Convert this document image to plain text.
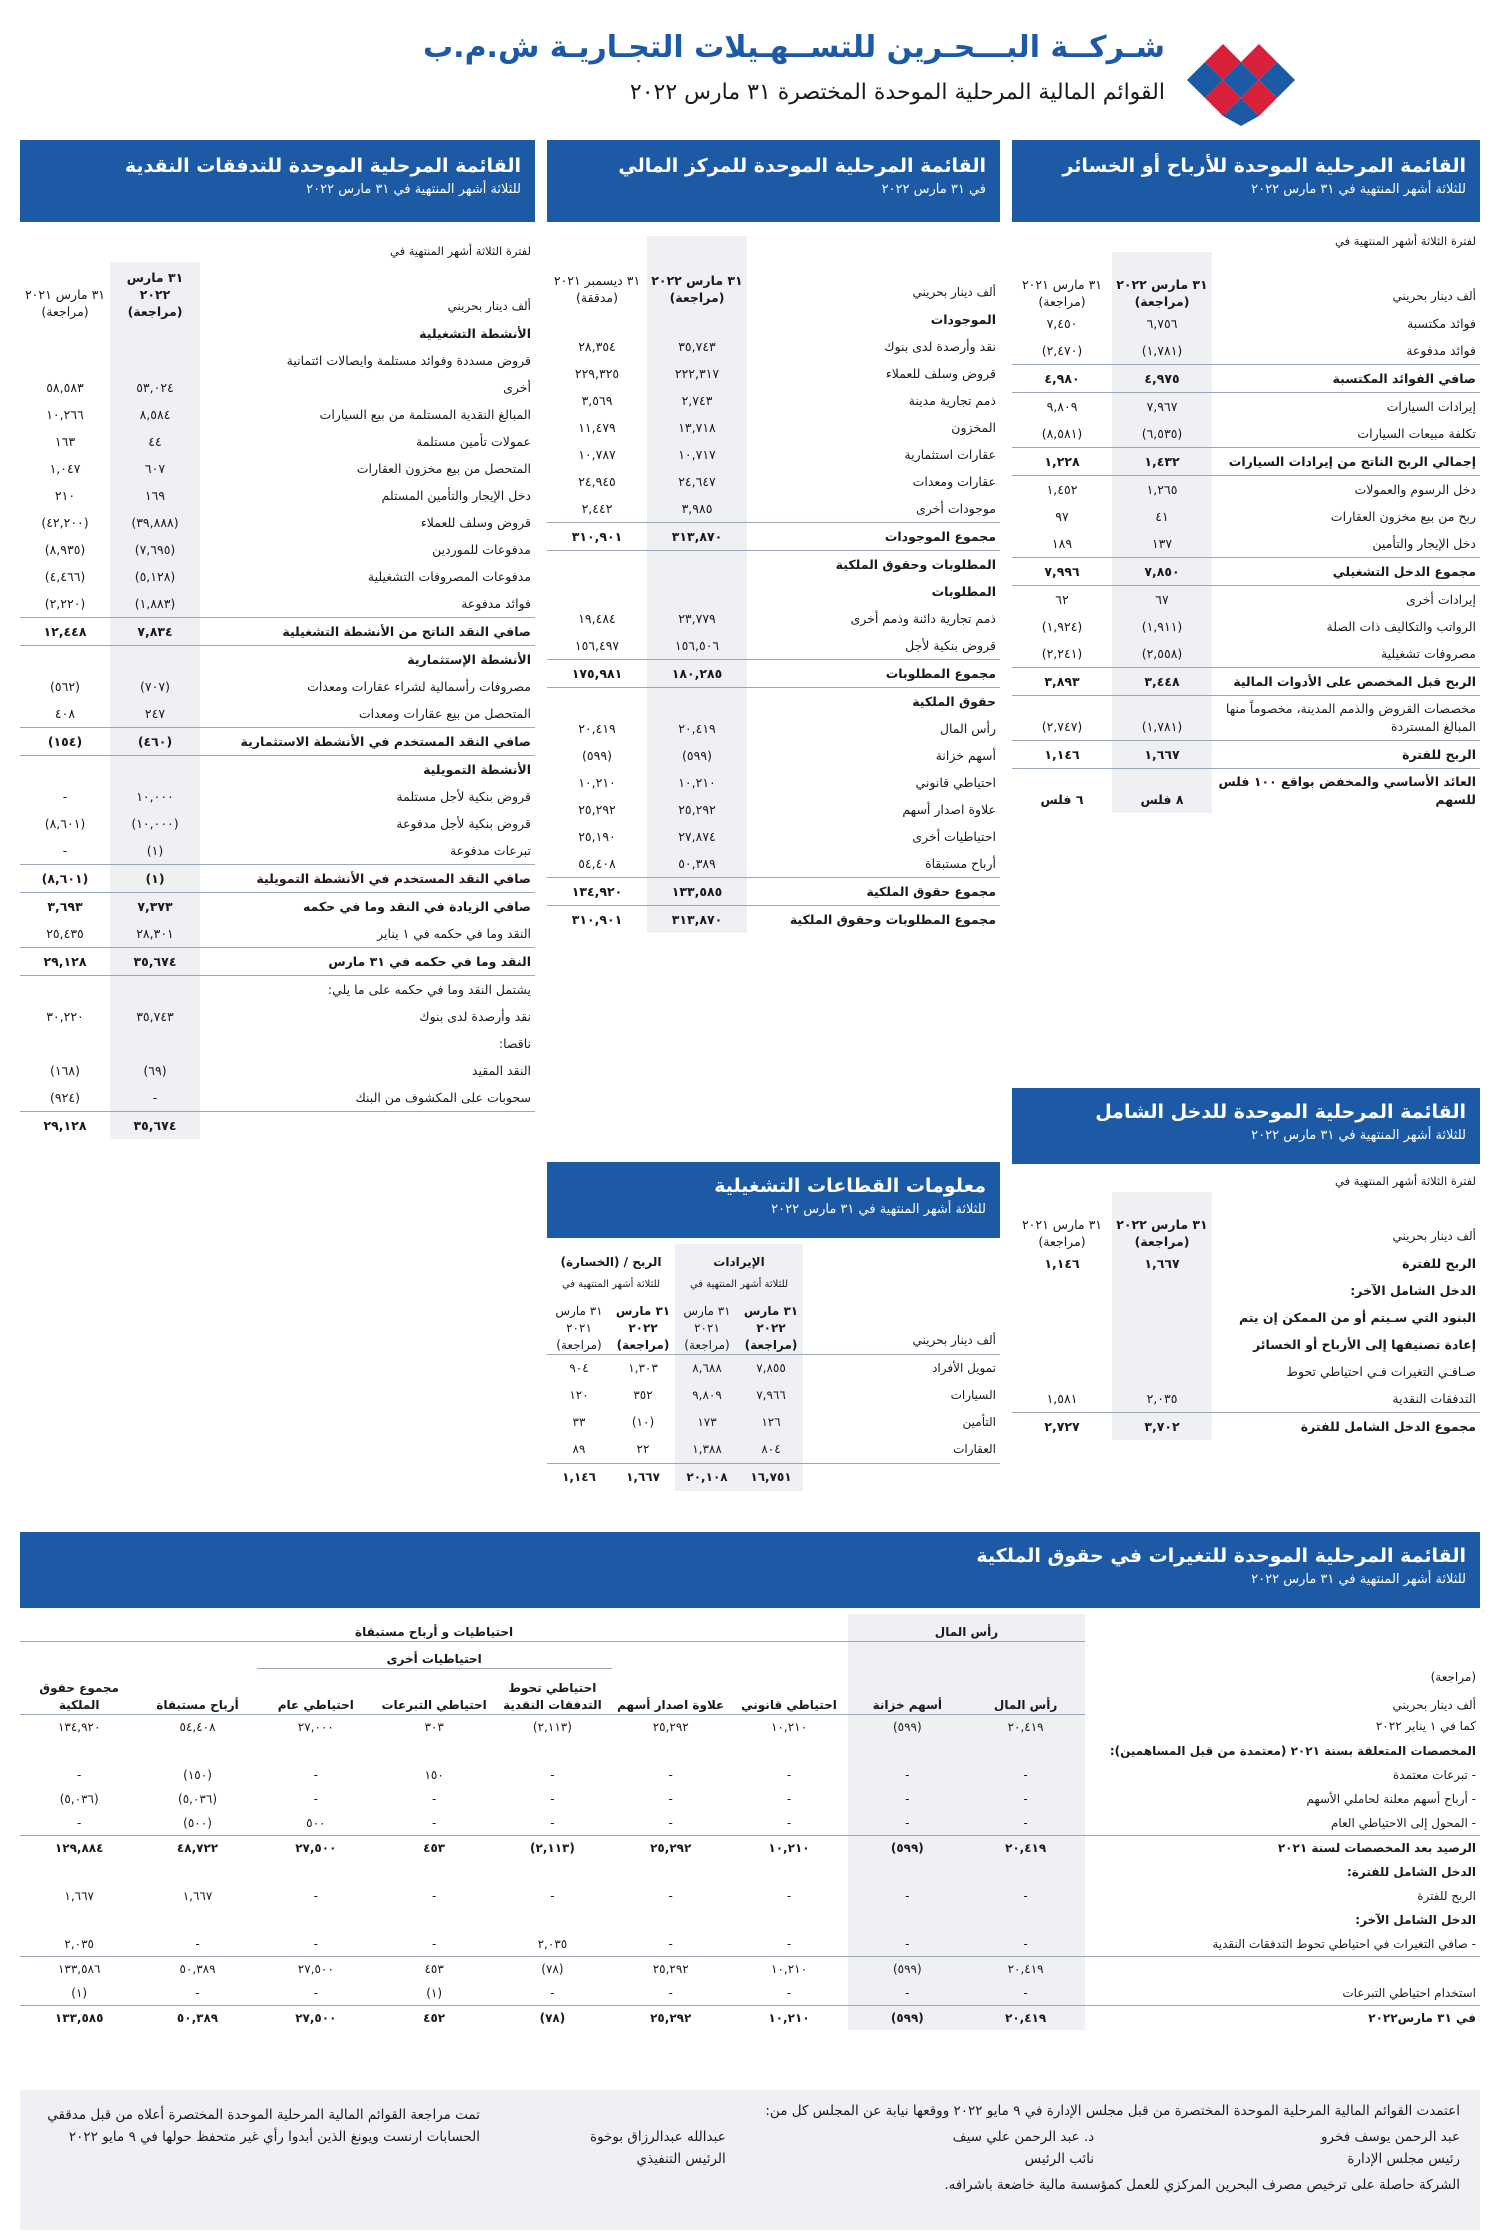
شـركــة البـــحـرين للتســهـيلات التجـاريـة ش.م.ب
القوائم المالية المرحلية الموحدة المختصرة ٣١ مارس ٢٠٢٢
القائمة المرحلية الموحدة للأرباح أو الخسائر
للثلاثة أشهر المنتهية في ٣١ مارس ٢٠٢٢
لفترة الثلاثة أشهر المنتهية في		
ألف دينار بحريني	٣١ مارس ٢٠٢٢ (مراجعة)	٣١ مارس ٢٠٢١ (مراجعة)
فوائد مكتسبة	٦,٧٥٦	٧,٤٥٠
فوائد مدفوعة	(١,٧٨١)	(٢,٤٧٠)
صافي الفوائد المكتسبة	٤,٩٧٥	٤,٩٨٠
إيرادات السيارات	٧,٩٦٧	٩,٨٠٩
تكلفة مبيعات السيارات	(٦,٥٣٥)	(٨,٥٨١)
إجمالي الربح الناتج من إيرادات السيارات	١,٤٣٢	١,٢٢٨
دخل الرسوم والعمولات	١,٢٦٥	١,٤٥٢
ربح من بيع مخزون العقارات	٤١	٩٧
دخل الإيجار والتأمين	١٣٧	١٨٩
مجموع الدخل التشغيلي	٧,٨٥٠	٧,٩٩٦
إيرادات أخرى	٦٧	٦٢
الرواتب والتكاليف ذات الصلة	(١,٩١١)	(١,٩٢٤)
مصروفات تشغيلية	(٢,٥٥٨)	(٢,٢٤١)
الربح قبل المخصص على الأدوات المالية	٣,٤٤٨	٣,٨٩٣
مخصصات القروض والذمم المدينة، مخصوماً منها المبالغ المستردة	(١,٧٨١)	(٢,٧٤٧)
الربح للفترة	١,٦٦٧	١,١٤٦
العائد الأساسي والمخفض بواقع ١٠٠ فلس للسهم	٨ فلس	٦ فلس
القائمة المرحلية الموحدة للدخل الشامل
للثلاثة أشهر المنتهية في ٣١ مارس ٢٠٢٢
لفترة الثلاثة أشهر المنتهية في		
ألف دينار بحريني	٣١ مارس ٢٠٢٢ (مراجعة)	٣١ مارس ٢٠٢١ (مراجعة)
الربح للفترة	١,٦٦٧	١,١٤٦
الدخل الشامل الآخر:		
البنود التي سـيتم أو من الممكن إن يتم		
إعادة تصنيفها إلى الأرباح أو الخسائر		
صـافـي التغيرات فـي احتياطي تحوط		
التدفقات النقدية	٢,٠٣٥	١,٥٨١
مجموع الدخل الشامل للفترة	٣,٧٠٢	٢,٧٢٧
القائمة المرحلية الموحدة للمركز المالي
في ٣١ مارس ٢٠٢٢
ألف دينار بحريني	٣١ مارس ٢٠٢٢ (مراجعة)	٣١ ديسمبر ٢٠٢١ (مدققة)
الموجودات		
نقد وأرصدة لدى بنوك	٣٥,٧٤٣	٢٨,٣٥٤
قروض وسلف للعملاء	٢٢٢,٣١٧	٢٢٩,٣٢٥
ذمم تجارية مدينة	٢,٧٤٣	٣,٥٦٩
المخزون	١٣,٧١٨	١١,٤٧٩
عقارات استثمارية	١٠,٧١٧	١٠,٧٨٧
عقارات ومعدات	٢٤,٦٤٧	٢٤,٩٤٥
موجودات أخرى	٣,٩٨٥	٢,٤٤٢
مجموع الموجودات	٣١٣,٨٧٠	٣١٠,٩٠١
المطلوبات وحقوق الملكية		
المطلوبات		
ذمم تجارية دائنة وذمم أخرى	٢٣,٧٧٩	١٩,٤٨٤
قروض بنكية لأجل	١٥٦,٥٠٦	١٥٦,٤٩٧
مجموع المطلوبات	١٨٠,٢٨٥	١٧٥,٩٨١
حقوق الملكية		
رأس المال	٢٠,٤١٩	٢٠,٤١٩
أسهم خزانة	(٥٩٩)	(٥٩٩)
احتياطي قانوني	١٠,٢١٠	١٠,٢١٠
علاوة اصدار أسهم	٢٥,٢٩٢	٢٥,٢٩٢
احتياطيات أخرى	٢٧,٨٧٤	٢٥,١٩٠
أرباح مستبقاة	٥٠,٣٨٩	٥٤,٤٠٨
مجموع حقوق الملكية	١٣٣,٥٨٥	١٣٤,٩٢٠
مجموع المطلوبات وحقوق الملكية	٣١٣,٨٧٠	٣١٠,٩٠١
معلومات القطاعات التشغيلية
للثلاثة أشهر المنتهية في ٣١ مارس ٢٠٢٢
	الإيرادات		الربح / (الخسارة)	
	للثلاثة أشهر المنتهية في		للثلاثة أشهر المنتهية في	
ألف دينار بحريني	٣١ مارس ٢٠٢٢ (مراجعة)	٣١ مارس ٢٠٢١ (مراجعة)	٣١ مارس ٢٠٢٢ (مراجعة)	٣١ مارس ٢٠٢١ (مراجعة)
تمويل الأفراد	٧,٨٥٥	٨,٦٨٨	١,٣٠٣	٩٠٤
السيارات	٧,٩٦٦	٩,٨٠٩	٣٥٢	١٢٠
التأمين	١٢٦	١٧٣	(١٠)	٣٣
العقارات	٨٠٤	١,٣٨٨	٢٢	٨٩
	١٦,٧٥١	٢٠,١٠٨	١,٦٦٧	١,١٤٦
القائمة المرحلية الموحدة للتدفقات النقدية
للثلاثة أشهر المنتهية في ٣١ مارس ٢٠٢٢
لفترة الثلاثة أشهر المنتهية في		
ألف دينار بحريني	٣١ مارس ٢٠٢٢ (مراجعة)	٣١ مارس ٢٠٢١ (مراجعة)
الأنشطة التشغيلية		
قروض مسددة وفوائد مستلمة وايصالات ائتمانية		
أخرى	٥٣,٠٢٤	٥٨,٥٨٣
المبالغ النقدية المستلمة من بيع السيارات	٨,٥٨٤	١٠,٢٦٦
عمولات تأمين مستلمة	٤٤	١٦٣
المتحصل من بيع مخزون العقارات	٦٠٧	١,٠٤٧
دخل الإيجار والتأمين المستلم	١٦٩	٢١٠
قروض وسلف للعملاء	(٣٩,٨٨٨)	(٤٢,٢٠٠)
مدفوعات للموردين	(٧,٦٩٥)	(٨,٩٣٥)
مدفوعات المصروفات التشغيلية	(٥,١٢٨)	(٤,٤٦٦)
فوائد مدفوعة	(١,٨٨٣)	(٢,٢٢٠)
صافي النقد الناتج من الأنشطة التشغيلية	٧,٨٣٤	١٢,٤٤٨
الأنشطة الإستثمارية		
مصروفات رأسمالية لشراء عقارات ومعدات	(٧٠٧)	(٥٦٢)
المتحصل من بيع عقارات ومعدات	٢٤٧	٤٠٨
صافي النقد المستخدم في الأنشطة الاستثمارية	(٤٦٠)	(١٥٤)
الأنشطة التمويلية		
قروض بنكية لأجل مستلمة	١٠,٠٠٠	-
قروض بنكية لأجل مدفوعة	(١٠,٠٠٠)	(٨,٦٠١)
تبرعات مدفوعة	(١)	-
صافي النقد المستخدم في الأنشطة التمويلية	(١)	(٨,٦٠١)
صافي الزيادة في النقد وما في حكمه	٧,٣٧٣	٣,٦٩٣
النقد وما في حكمه في ١ يناير	٢٨,٣٠١	٢٥,٤٣٥
النقد وما في حكمه في ٣١ مارس	٣٥,٦٧٤	٢٩,١٢٨
يشتمل النقد وما في حكمه على ما يلي:		
نقد وأرصدة لدى بنوك	٣٥,٧٤٣	٣٠,٢٢٠
ناقصا:		
النقد المقيد	(٦٩)	(١٦٨)
سحوبات على المكشوف من البنك	-	(٩٢٤)
	٣٥,٦٧٤	٢٩,١٢٨
القائمة المرحلية الموحدة للتغيرات في حقوق الملكية
للثلاثة أشهر المنتهية في ٣١ مارس ٢٠٢٢
(مراجعة)
ألف دينار بحريني	رأس المال		احتياطيات و أرباح مستبقاة						
					احتياطيات أخرى				
	رأس المال	أسهم خزانة	احتياطي قانوني	علاوة اصدار أسهم	احتياطي تحوط التدفقات النقدية	احتياطي التبرعات	احتياطي عام	أرباح مستبقاة	مجموع حقوق الملكية
كما في ١ يناير ٢٠٢٢	٢٠,٤١٩	(٥٩٩)	١٠,٢١٠	٢٥,٢٩٢	(٢,١١٣)	٣٠٣	٢٧,٠٠٠	٥٤,٤٠٨	١٣٤,٩٢٠
المخصصات المتعلقة بسنة ٢٠٢١ (معتمدة من قبل المساهمين):									
- تبرعات معتمدة	-	-	-	-	-	١٥٠	-	(١٥٠)	-
- أرباح أسهم معلنة لحاملي الأسهم	-	-	-	-	-	-	-	(٥,٠٣٦)	(٥,٠٣٦)
- المحول إلى الاحتياطي العام	-	-	-	-	-	-	٥٠٠	(٥٠٠)	-
الرصيد بعد المخصصات لسنة ٢٠٢١	٢٠,٤١٩	(٥٩٩)	١٠,٢١٠	٢٥,٢٩٢	(٢,١١٣)	٤٥٣	٢٧,٥٠٠	٤٨,٧٢٢	١٢٩,٨٨٤
الدخل الشامل للفترة:									
الربح للفترة	-	-	-	-	-	-	-	١,٦٦٧	١,٦٦٧
الدخل الشامل الآخر:									
- صافي التغيرات في احتياطي تحوط التدفقات النقدية	-	-	-	-	٢,٠٣٥	-	-	-	٢,٠٣٥
	٢٠,٤١٩	(٥٩٩)	١٠,٢١٠	٢٥,٢٩٢	(٧٨)	٤٥٣	٢٧,٥٠٠	٥٠,٣٨٩	١٣٣,٥٨٦
استخدام احتياطي التبرعات	-	-	-	-	-	(١)	-	-	(١)
في ٣١ مارس٢٠٢٢	٢٠,٤١٩	(٥٩٩)	١٠,٢١٠	٢٥,٢٩٢	(٧٨)	٤٥٢	٢٧,٥٠٠	٥٠,٣٨٩	١٣٣,٥٨٥
اعتمدت القوائم المالية المرحلية الموحدة المختصرة من قبل مجلس الإدارة في ٩ مايو ٢٠٢٢ ووقعها نيابة عن المجلس كل من:
عبد الرحمن يوسف فخرو
رئيس مجلس الإدارة
د. عبد الرحمن علي سيف
نائب الرئيس
عبدالله عبدالرزاق بوخوة
الرئيس التنفيذي
الشركة حاصلة على ترخيص مصرف البحرين المركزي للعمل كمؤسسة مالية خاضعة باشرافه.
تمت مراجعة القوائم المالية المرحلية الموحدة المختصرة أعلاه من قبل مدققي الحسابات ارنست ويونغ الذين أبدوا رأي غير متحفظ حولها في ٩ مايو ٢٠٢٢
